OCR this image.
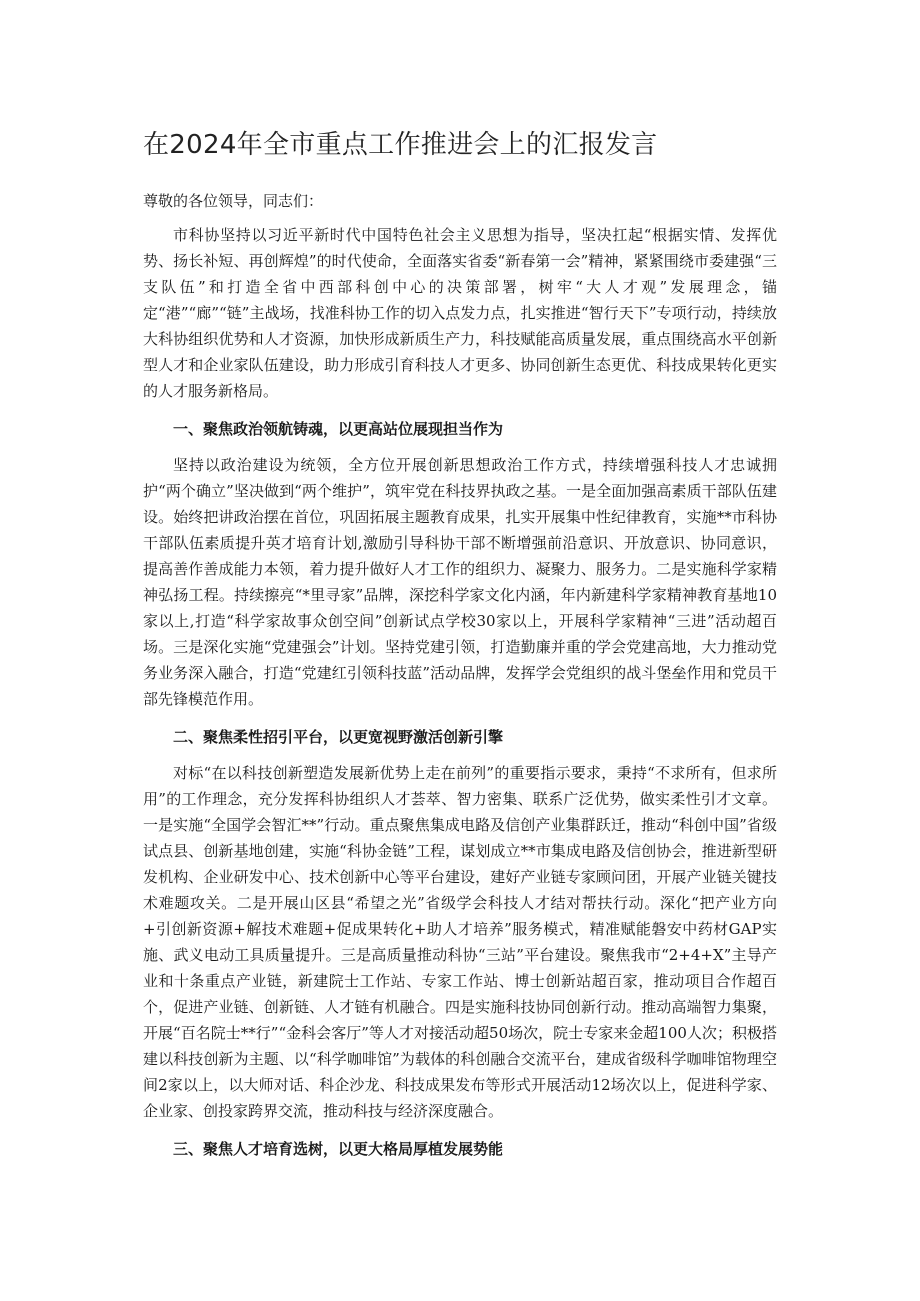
在2024年全市重点工作推进会上的汇报发言

尊敬的各位领导，同志们：

市科协坚持以习近平新时代中国特色社会主义思想为指导，坚决扛起“根据实情、发挥优势、扬长补短、再创辉煌”的时代使命，全面落实省委“新春第一会”精神，紧紧围绕市委建强“三支队伍”和打造全省中西部科创中心的决策部署，树牢“大人才观”发展理念，锚定“港”“廊”“链”主战场，找准科协工作的切入点发力点，扎实推进“智行天下”专项行动，持续放大科协组织优势和人才资源，加快形成新质生产力，科技赋能高质量发展，重点围绕高水平创新型人才和企业家队伍建设，助力形成引育科技人才更多、协同创新生态更优、科技成果转化更实的人才服务新格局。

一、聚焦政治领航铸魂，以更高站位展现担当作为

坚持以政治建设为统领，全方位开展创新思想政治工作方式，持续增强科技人才忠诚拥护“两个确立”坚决做到“两个维护”，筑牢党在科技界执政之基。一是全面加强高素质干部队伍建设。始终把讲政治摆在首位，巩固拓展主题教育成果，扎实开展集中性纪律教育，实施**市科协干部队伍素质提升英才培育计划,激励引导科协干部不断增强前沿意识、开放意识、协同意识，提高善作善成能力本领，着力提升做好人才工作的组织力、凝聚力、服务力。二是实施科学家精神弘扬工程。持续擦亮“*里寻家”品牌，深挖科学家文化内涵，年内新建科学家精神教育基地10家以上,打造“科学家故事众创空间”创新试点学校30家以上，开展科学家精神“三进”活动超百场。三是深化实施“党建强会”计划。坚持党建引领，打造勤廉并重的学会党建高地，大力推动党务业务深入融合，打造“党建红引领科技蓝”活动品牌，发挥学会党组织的战斗堡垒作用和党员干部先锋模范作用。

二、聚焦柔性招引平台，以更宽视野激活创新引擎

对标“在以科技创新塑造发展新优势上走在前列”的重要指示要求，秉持“不求所有，但求所用”的工作理念，充分发挥科协组织人才荟萃、智力密集、联系广泛优势，做实柔性引才文章。一是实施“全国学会智汇**”行动。重点聚焦集成电路及信创产业集群跃迁，推动“科创中国”省级试点县、创新基地创建，实施“科协金链”工程，谋划成立**市集成电路及信创协会，推进新型研发机构、企业研发中心、技术创新中心等平台建设，建好产业链专家顾问团，开展产业链关键技术难题攻关。二是开展山区县“希望之光”省级学会科技人才结对帮扶行动。深化“把产业方向+引创新资源+解技术难题+促成果转化+助人才培养”服务模式，精准赋能磐安中药材GAP实施、武义电动工具质量提升。三是高质量推动科协“三站”平台建设。聚焦我市“2+4+X”主导产业和十条重点产业链，新建院士工作站、专家工作站、博士创新站超百家，推动项目合作超百个，促进产业链、创新链、人才链有机融合。四是实施科技协同创新行动。推动高端智力集聚，开展“百名院士**行”“金科会客厅”等人才对接活动超50场次，院士专家来金超100人次；积极搭建以科技创新为主题、以“科学咖啡馆”为载体的科创融合交流平台，建成省级科学咖啡馆物理空间2家以上，以大师对话、科企沙龙、科技成果发布等形式开展活动12场次以上，促进科学家、企业家、创投家跨界交流，推动科技与经济深度融合。

三、聚焦人才培育选树，以更大格局厚植发展势能
